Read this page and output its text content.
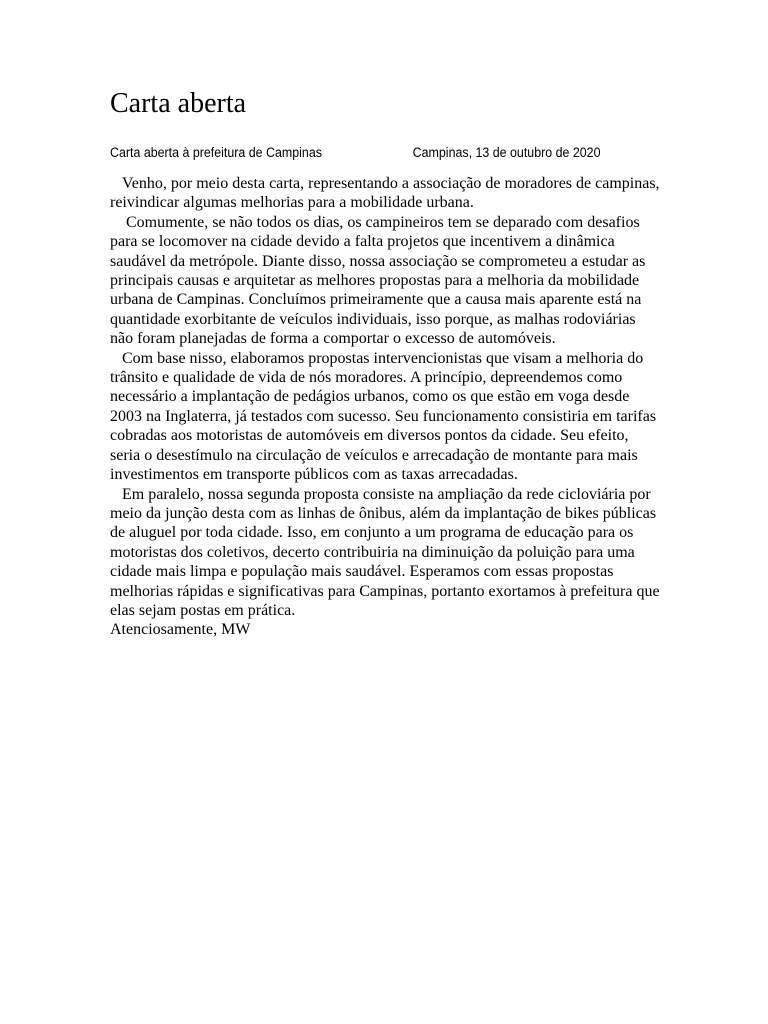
Carta aberta
Carta aberta à prefeitura de Campinas	Campinas, 13 de outubro de 2020

Venho, por meio desta carta, representando a associação de moradores de campinas, reivindicar algumas melhorias para a mobilidade urbana.

Comumente, se não todos os dias, os campineiros tem se deparado com desafios para se locomover na cidade devido a falta projetos que incentivem a dinâmica saudável da metrópole. Diante disso, nossa associação se comprometeu a estudar as principais causas e arquitetar as melhores propostas para a melhoria da mobilidade urbana de Campinas. Concluímos primeiramente que a causa mais aparente está na quantidade exorbitante de veículos individuais, isso porque, as malhas rodoviárias não foram planejadas de forma a comportar o excesso de automóveis.

Com base nisso, elaboramos propostas intervencionistas que visam a melhoria do trânsito e qualidade de vida de nós moradores. A princípio, depreendemos como necessário a implantação de pedágios urbanos, como os que estão em voga desde 2003 na Inglaterra, já testados com sucesso. Seu funcionamento consistiria em tarifas cobradas aos motoristas de automóveis em diversos pontos da cidade. Seu efeito, seria o desestímulo na circulação de veículos e arrecadação de montante para mais investimentos em transporte públicos com as taxas arrecadadas.

Em paralelo, nossa segunda proposta consiste na ampliação da rede cicloviária por meio da junção desta com as linhas de ônibus, além da implantação de bikes públicas de aluguel por toda cidade. Isso, em conjunto a um programa de educação para os motoristas dos coletivos, decerto contribuiria na diminuição da poluição para uma cidade mais limpa e população mais saudável. Esperamos com essas propostas melhorias rápidas e significativas para Campinas, portanto exortamos à prefeitura que elas sejam postas em prática.

Atenciosamente, MW
